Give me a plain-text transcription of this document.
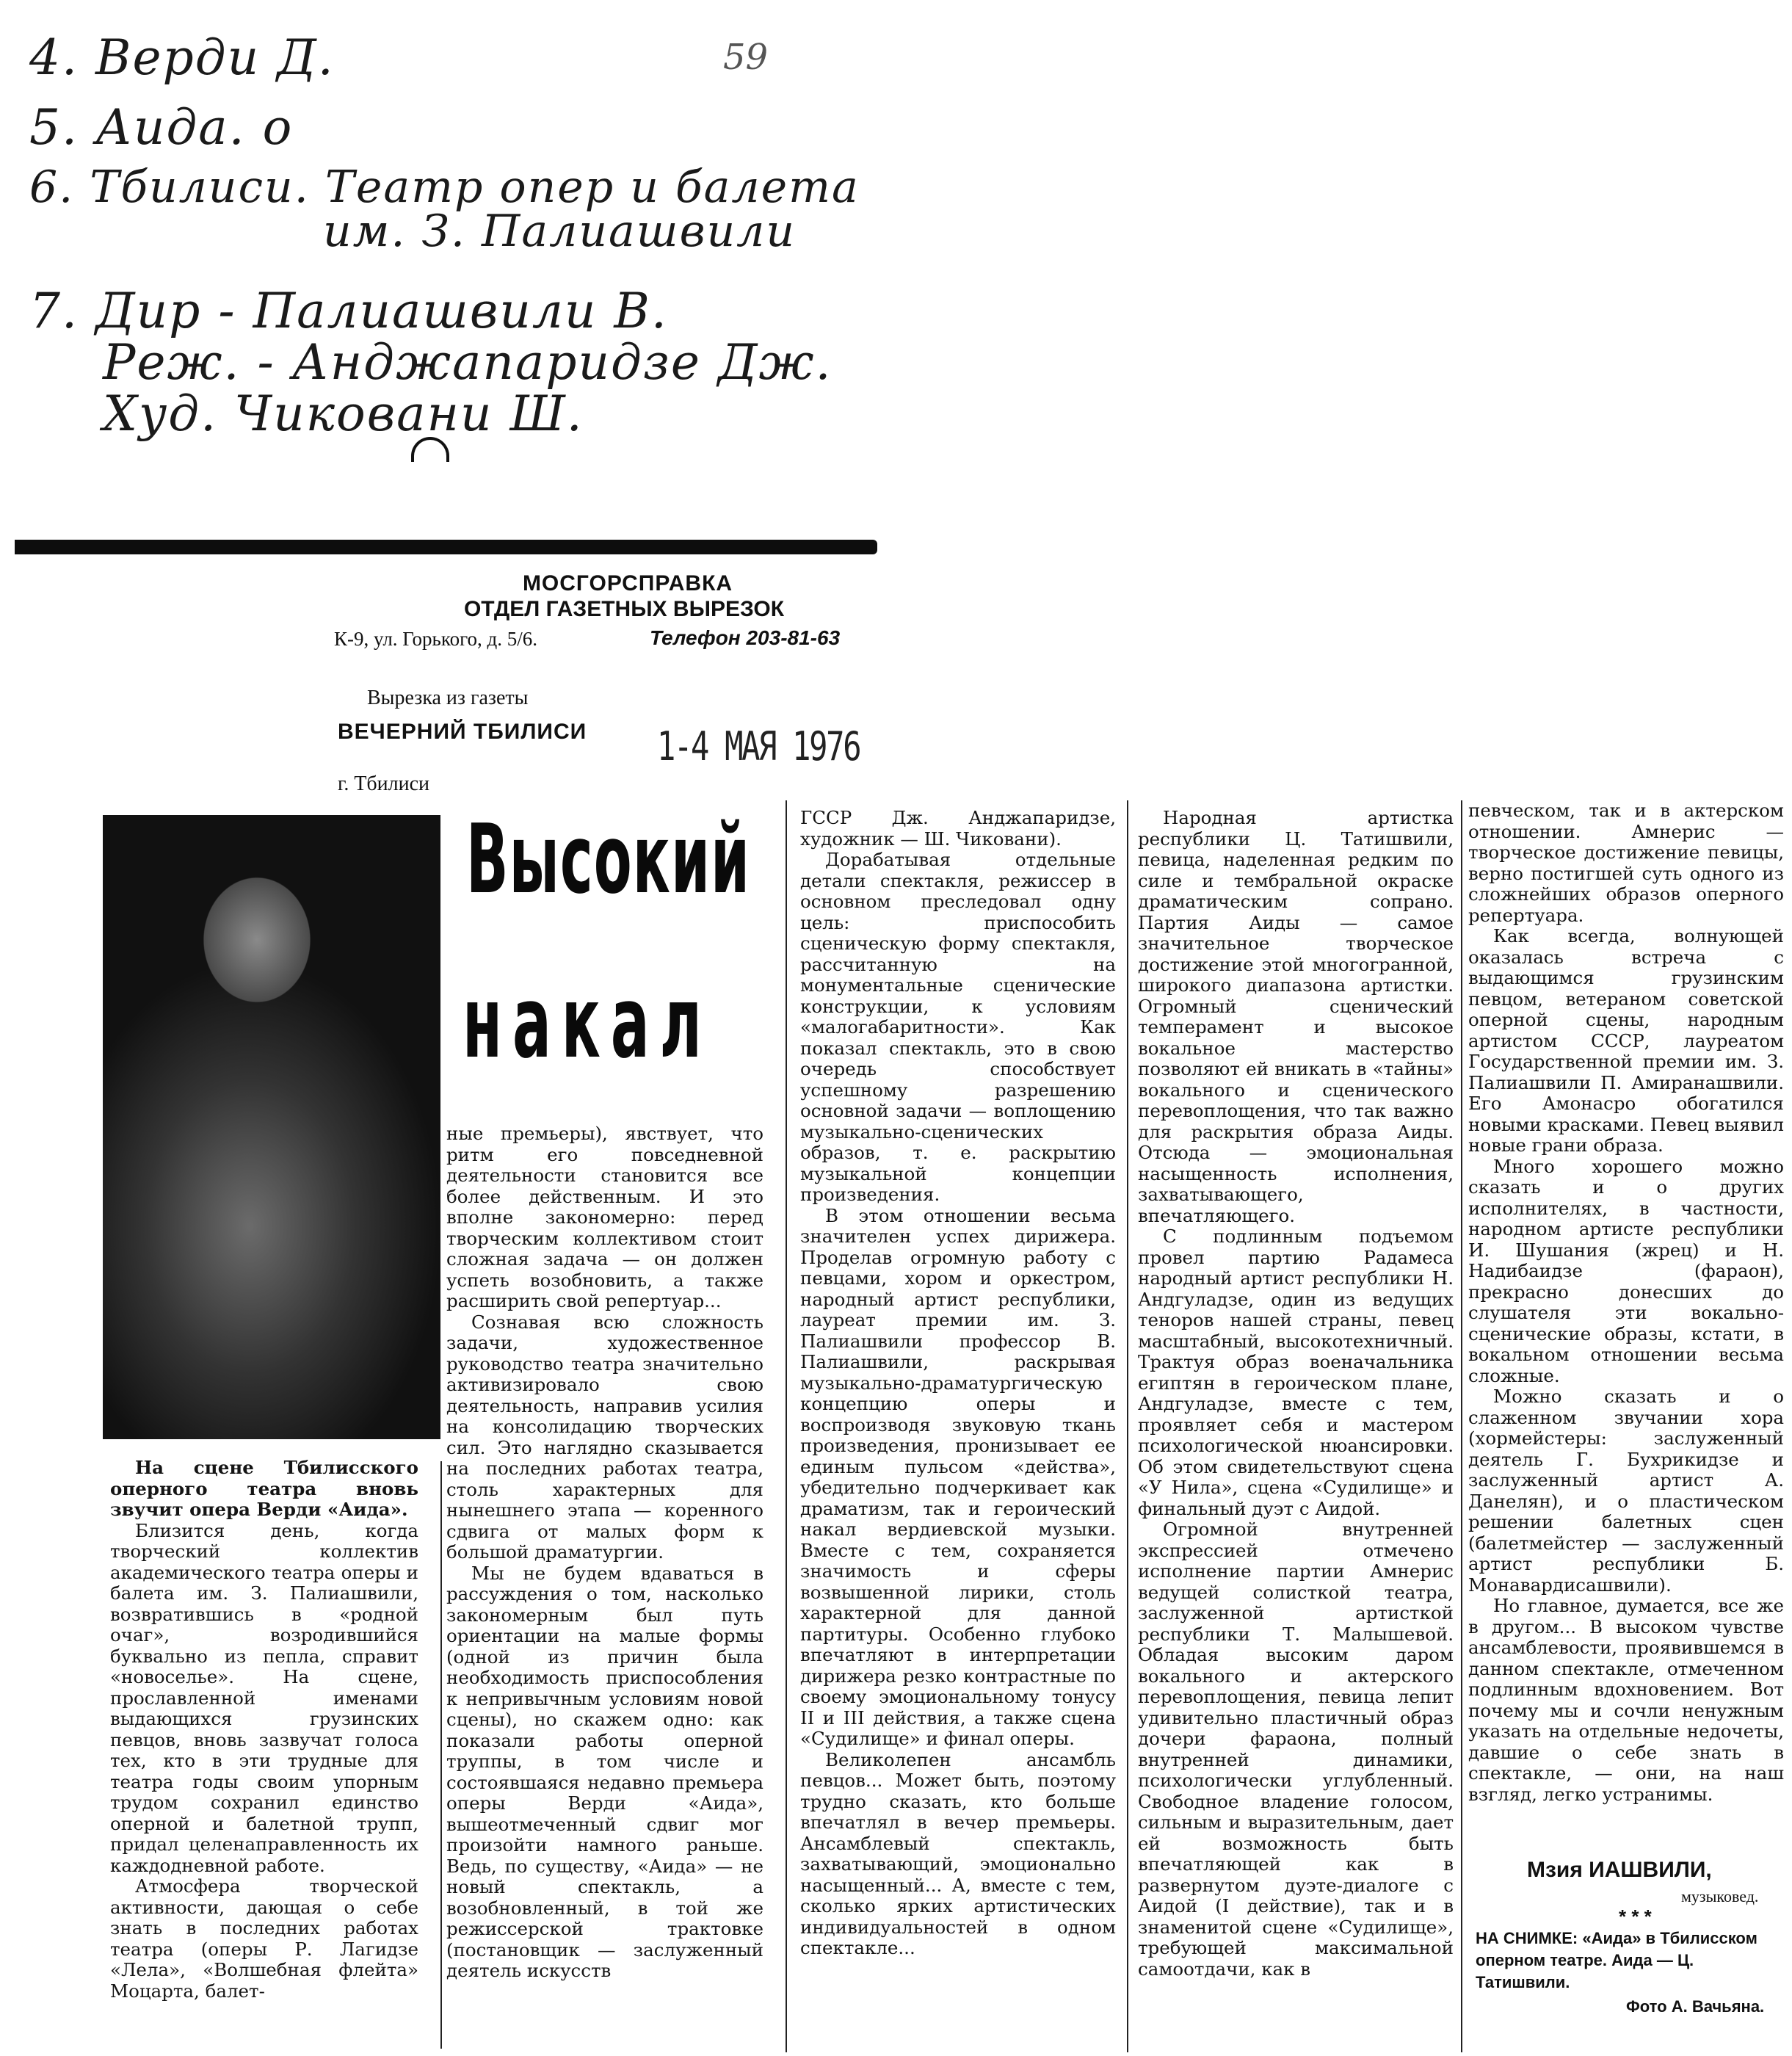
4. Верди Д.
5. Аида. о
6. Тбилиси. Театр опер и балета
им. З. Палиашвили
7. Дир - Палиашвили В.
Реж. - Анджапаридзе Дж.
Худ. Чиковани Ш.
59
МОСГОРСПРАВКА
ОТДЕЛ ГАЗЕТНЫХ ВЫРЕЗОК
К-9, ул. Горького, д. 5/6.	Телефон 203-81-63
Вырезка из газеты
ВЕЧЕРНИЙ ТБИЛИСИ 1-4 МАЯ 1976
г. Тбилиси
Высокий
накал

На сцене Тбилисского оперного театра вновь звучит опера Верди «Аида».

Близится день, когда творческий коллектив академического театра оперы и балета им. З. Палиашвили, возвратившись в «родной очаг», возродившийся буквально из пепла, справит «новоселье». На сцене, прославленной именами выдающихся грузинских певцов, вновь зазвучат голоса тех, кто в эти трудные для театра годы своим упорным трудом сохранил единство оперной и балетной трупп, придал целенаправленность их каждодневной работе.

Атмосфера творческой активности, дающая о себе знать в последних работах театра (оперы Р. Лагидзе «Лела», «Волшебная флейта» Моцарта, балет-

ные премьеры), явствует, что ритм его повседневной деятельности становится все более действенным. И это вполне закономерно: перед творческим коллективом стоит сложная задача — он должен успеть возобновить, а также расширить свой репертуар...

Сознавая всю сложность задачи, художественное руководство театра значительно активизировало свою деятельность, направив усилия на консолидацию творческих сил. Это наглядно сказывается на последних работах театра, столь характерных для нынешнего этапа — коренного сдвига от малых форм к большой драматургии.

Мы не будем вдаваться в рассуждения о том, насколько закономерным был путь ориентации на малые формы (одной из причин была необходимость приспособления к непривычным условиям новой сцены), но скажем одно: как показали работы оперной труппы, в том числе и состоявшаяся недавно премьера оперы Верди «Аида», вышеотмеченный сдвиг мог произойти намного раньше. Ведь, по существу, «Аида» — не новый спектакль, а возобновленный, в той же режиссерской трактовке (постановщик — заслуженный деятель искусств

ГССР Дж. Анджапаридзе, художник — Ш. Чиковани).

Дорабатывая отдельные детали спектакля, режиссер в основном преследовал одну цель: приспособить сценическую форму спектакля, рассчитанную на монументальные сценические конструкции, к условиям «малогабаритности». Как показал спектакль, это в свою очередь способствует успешному разрешению основной задачи — воплощению музыкально-сценических образов, т. е. раскрытию музыкальной концепции произведения.

В этом отношении весьма значителен успех дирижера. Проделав огромную работу с певцами, хором и оркестром, народный артист республики, лауреат премии им. З. Палиашвили профессор В. Палиашвили, раскрывая музыкально-драматургическую концепцию оперы и воспроизводя звуковую ткань произведения, пронизывает ее единым пульсом «действа», убедительно подчеркивает как драматизм, так и героический накал вердиевской музыки. Вместе с тем, сохраняется значимость и сферы возвышенной лирики, столь характерной для данной партитуры. Особенно глубоко впечатляют в интерпретации дирижера резко контрастные по своему эмоциональному тонусу II и III действия, а также сцена «Судилище» и финал оперы.

Великолепен ансамбль певцов... Может быть, поэтому трудно сказать, кто больше впечатлял в вечер премьеры. Ансамблевый спектакль, захватывающий, эмоционально насыщенный... А, вместе с тем, сколько ярких артистических индивидуальностей в одном спектакле...

Народная артистка республики Ц. Татишвили, певица, наделенная редким по силе и тембральной окраске драматическим сопрано. Партия Аиды — самое значительное творческое достижение этой многогранной, широкого диапазона артистки. Огромный сценический темперамент и высокое вокальное мастерство позволяют ей вникать в «тайны» вокального и сценического перевоплощения, что так важно для раскрытия образа Аиды. Отсюда — эмоциональная насыщенность исполнения, захватывающего, впечатляющего.

С подлинным подъемом провел партию Радамеса народный артист республики Н. Андгуладзе, один из ведущих теноров нашей страны, певец масштабный, высокотехничный. Трактуя образ военачальника египтян в героическом плане, Андгуладзе, вместе с тем, проявляет себя и мастером психологической нюансировки. Об этом свидетельствуют сцена «У Нила», сцена «Судилище» и финальный дуэт с Аидой.

Огромной внутренней экспрессией отмечено исполнение партии Амнерис ведущей солисткой театра, заслуженной артисткой республики Т. Малышевой. Обладая высоким даром вокального и актерского перевоплощения, певица лепит удивительно пластичный образ дочери фараона, полный внутренней динамики, психологически углубленный. Свободное владение голосом, сильным и выразительным, дает ей возможность быть впечатляющей как в развернутом дуэте-диалоге с Аидой (I действие), так и в знаменитой сцене «Судилище», требующей максимальной самоотдачи, как в

певческом, так и в актерском отношении. Амнерис — творческое достижение певицы, верно постигшей суть одного из сложнейших образов оперного репертуара.

Как всегда, волнующей оказалась встреча с выдающимся грузинским певцом, ветераном советской оперной сцены, народным артистом СССР, лауреатом Государственной премии им. З. Палиашвили П. Амиранашвили. Его Амонасро обогатился новыми красками. Певец выявил новые грани образа.

Много хорошего можно сказать и о других исполнителях, в частности, народном артисте республики И. Шушания (жрец) и Н. Надибаидзе (фараон), прекрасно донесших до слушателя эти вокально-сценические образы, кстати, в вокальном отношении весьма сложные.

Можно сказать и о слаженном звучании хора (хормейстеры: заслуженный деятель Г. Бухрикидзе и заслуженный артист А. Данелян), и о пластическом решении балетных сцен (балетмейстер — заслуженный артист республики Б. Монавардисашвили).

Но главное, думается, все же в другом... В высоком чувстве ансамблевости, проявившемся в данном спектакле, отмеченном подлинным вдохновением. Вот почему мы и сочли ненужным указать на отдельные недочеты, давшие о себе знать в спектакле, — они, на наш взгляд, легко устранимы.

Мзия ИАШВИЛИ,
музыковед.
* * *
НА СНИМКЕ: «Аида» в Тбилисском оперном театре. Аида — Ц. Татишвили.
Фото А. Вачьяна.
